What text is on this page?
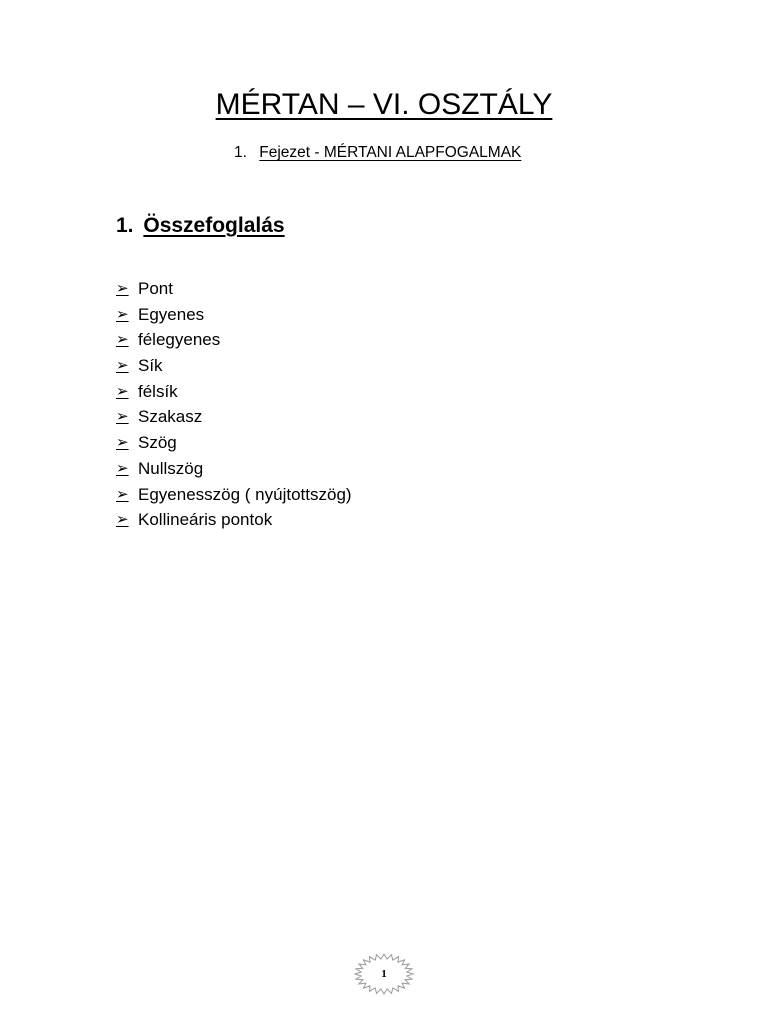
MÉRTAN – VI. OSZTÁLY
1. Fejezet - MÉRTANI ALAPFOGALMAK
1. Összefoglalás
➢ Pont
➢ Egyenes
➢ félegyenes
➢ Sík
➢ félsík
➢ Szakasz
➢ Szög
➢ Nullszög
➢ Egyenesszög ( nyújtottszög)
➢ Kollineáris pontok
1
